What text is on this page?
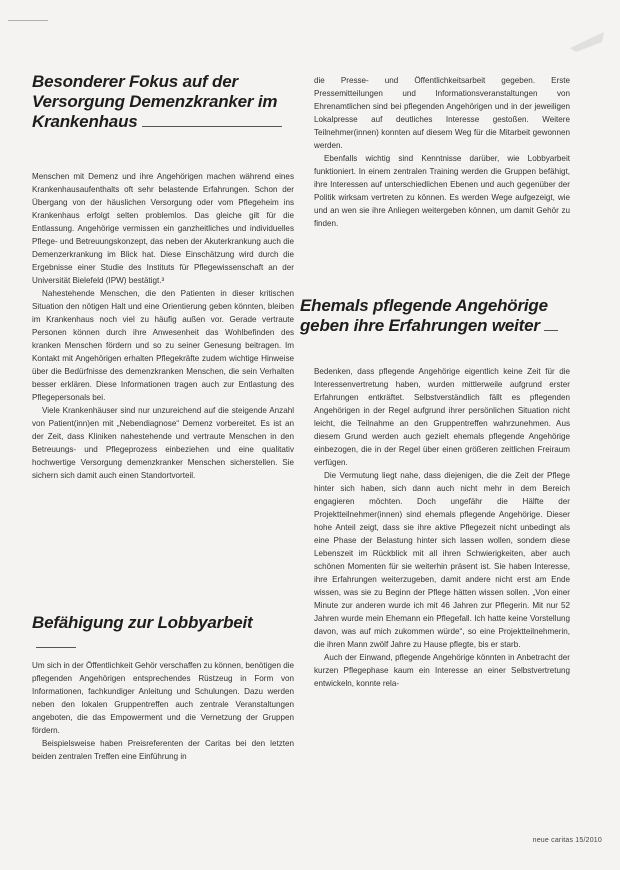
Besonderer Fokus auf der
Versorgung Demenzkranker im
Krankenhaus

Menschen mit Demenz und ihre Angehörigen machen während eines Krankenhausaufenthalts oft sehr belastende Erfahrungen. Schon der Übergang von der häuslichen Versorgung oder vom Pflegeheim ins Krankenhaus erfolgt selten problemlos. Das gleiche gilt für die Entlassung. Angehörige vermissen ein ganzheitliches und individuelles Pflege- und Betreuungskonzept, das neben der Akuterkrankung auch die Demenzerkrankung im Blick hat. Diese Einschätzung wird durch die Ergebnisse einer Studie des Instituts für Pflegewissenschaft an der Universität Bielefeld (IPW) bestätigt.³

Nahestehende Menschen, die den Patienten in dieser kritischen Situation den nötigen Halt und eine Orientierung geben könnten, bleiben im Krankenhaus noch viel zu häufig außen vor. Gerade vertraute Personen können durch ihre Anwesenheit das Wohlbefinden des kranken Menschen fördern und so zu seiner Genesung beitragen. Im Kontakt mit Angehörigen erhalten Pflegekräfte zudem wichtige Hinweise über die Bedürfnisse des demenzkranken Menschen, die sein Verhalten besser erklären. Diese Informationen tragen auch zur Entlastung des Pflegepersonals bei.

Viele Krankenhäuser sind nur unzureichend auf die steigende Anzahl von Patient(inn)en mit „Nebendiagnose“ Demenz vorbereitet. Es ist an der Zeit, dass Kliniken nahestehende und vertraute Menschen in den Betreuungs- und Pflegeprozess einbeziehen und eine qualitativ hochwertige Versorgung demenzkranker Menschen sicherstellen. Sie sichern sich damit auch einen Standortvorteil.

Befähigung zur Lobbyarbeit

Um sich in der Öffentlichkeit Gehör verschaffen zu können, benötigen die pflegenden Angehörigen entsprechendes Rüstzeug in Form von Informationen, fachkundiger Anleitung und Schulungen. Dazu werden neben den lokalen Gruppentreffen auch zentrale Veranstaltungen angeboten, die das Empowerment und die Vernetzung der Gruppen fördern.

Beispielsweise haben Preisreferenten der Caritas bei den letzten beiden zentralen Treffen eine Einführung in

die Presse- und Öffentlichkeitsarbeit gegeben. Erste Pressemitteilungen und Informationsveranstaltungen von Ehrenamtlichen sind bei pflegenden Angehörigen und in der jeweiligen Lokalpresse auf deutliches Interesse gestoßen. Weitere Teilnehmer(innen) konnten auf diesem Weg für die Mitarbeit gewonnen werden.

Ebenfalls wichtig sind Kenntnisse darüber, wie Lobbyarbeit funktioniert. In einem zentralen Training werden die Gruppen befähigt, ihre Interessen auf unterschiedlichen Ebenen und auch gegenüber der Politik wirksam vertreten zu können. Es werden Wege aufgezeigt, wie und an wen sie ihre Anliegen weitergeben können, um damit Gehör zu finden.

Ehemals pflegende Angehörige
geben ihre Erfahrungen weiter

Bedenken, dass pflegende Angehörige eigentlich keine Zeit für die Interessenvertretung haben, wurden mittlerweile aufgrund erster Erfahrungen entkräftet. Selbstverständlich fällt es pflegenden Angehörigen in der Regel aufgrund ihrer persönlichen Situation nicht leicht, die Teilnahme an den Gruppentreffen wahrzunehmen. Aus diesem Grund werden auch gezielt ehemals pflegende Angehörige einbezogen, die in der Regel über einen größeren zeitlichen Freiraum verfügen.

Die Vermutung liegt nahe, dass diejenigen, die die Zeit der Pflege hinter sich haben, sich dann auch nicht mehr in dem Bereich engagieren möchten. Doch ungefähr die Hälfte der Projektteilnehmer(innen) sind ehemals pflegende Angehörige. Dieser hohe Anteil zeigt, dass sie ihre aktive Pflegezeit nicht unbedingt als eine Phase der Belastung hinter sich lassen wollen, sondern diese Lebenszeit im Rückblick mit all ihren Schwierigkeiten, aber auch schönen Momenten für sie weiterhin präsent ist. Sie haben Interesse, ihre Erfahrungen weiterzugeben, damit andere nicht erst am Ende wissen, was sie zu Beginn der Pflege hätten wissen sollen. „Von einer Minute zur anderen wurde ich mit 46 Jahren zur Pflegerin. Mit nur 52 Jahren wurde mein Ehemann ein Pflegefall. Ich hatte keine Vorstellung davon, was auf mich zukommen würde“, so eine Projektteilnehmerin, die ihren Mann zwölf Jahre zu Hause pflegte, bis er starb.

Auch der Einwand, pflegende Angehörige könnten in Anbetracht der kurzen Pflegephase kaum ein Interesse an einer Selbstvertretung entwickeln, konnte rela-

neue caritas 15/2010
